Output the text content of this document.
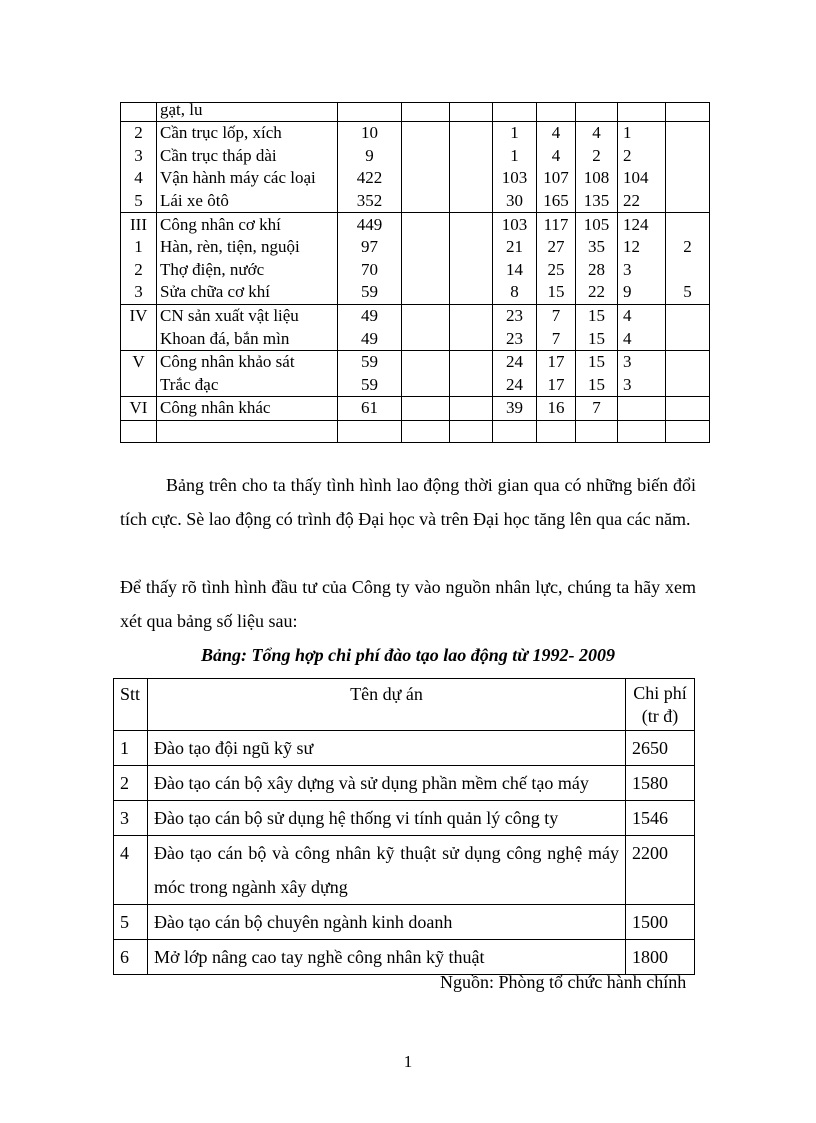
	gạt, lu								
2	Cần trục lốp, xích	10			1	4	4	1	
3	Cần trục tháp dài	9			1	4	2	2	
4	Vận hành máy các loại	422			103	107	108	104	
5	Lái xe ôtô	352			30	165	135	22	
III	Công nhân cơ khí	449			103	117	105	124	
1	Hàn, rèn, tiện, nguội	97			21	27	35	12	2
2	Thợ điện, nước	70			14	25	28	3	
3	Sửa chữa cơ khí	59			8	15	22	9	5
IV	CN sản xuất vật liệu	49			23	7	15	4	
	Khoan đá, bắn mìn	49			23	7	15	4	
V	Công nhân khảo sát	59			24	17	15	3	
	Trắc đạc	59			24	17	15	3	
VI	Công nhân khác	61			39	16	7		

Bảng trên cho ta thấy tình hình lao động thời gian qua có những biến đổi tích cực. Sè lao động có trình độ Đại học và trên Đại học tăng lên qua các năm.

Để thấy rõ tình hình đầu tư của Công ty vào nguồn nhân lực, chúng ta hãy xem xét qua bảng số liệu sau:

Bảng: Tổng hợp chi phí đào tạo lao động từ 1992- 2009
Stt	Tên dự án	Chi phí
(tr đ)
1	Đào tạo đội ngũ kỹ sư	2650
2	Đào tạo cán bộ xây dựng và sử dụng phần mềm chế tạo máy	1580
3	Đào tạo cán bộ sử dụng hệ thống vi tính quản lý công ty	1546
4	Đào tạo cán bộ và công nhân kỹ thuật sử dụng công nghệ máy móc trong ngành xây dựng	2200
5	Đào tạo cán bộ chuyên ngành kinh doanh	1500
6	Mở lớp nâng cao tay nghề công nhân kỹ thuật	1800
Nguồn: Phòng tổ chức hành chính
1
